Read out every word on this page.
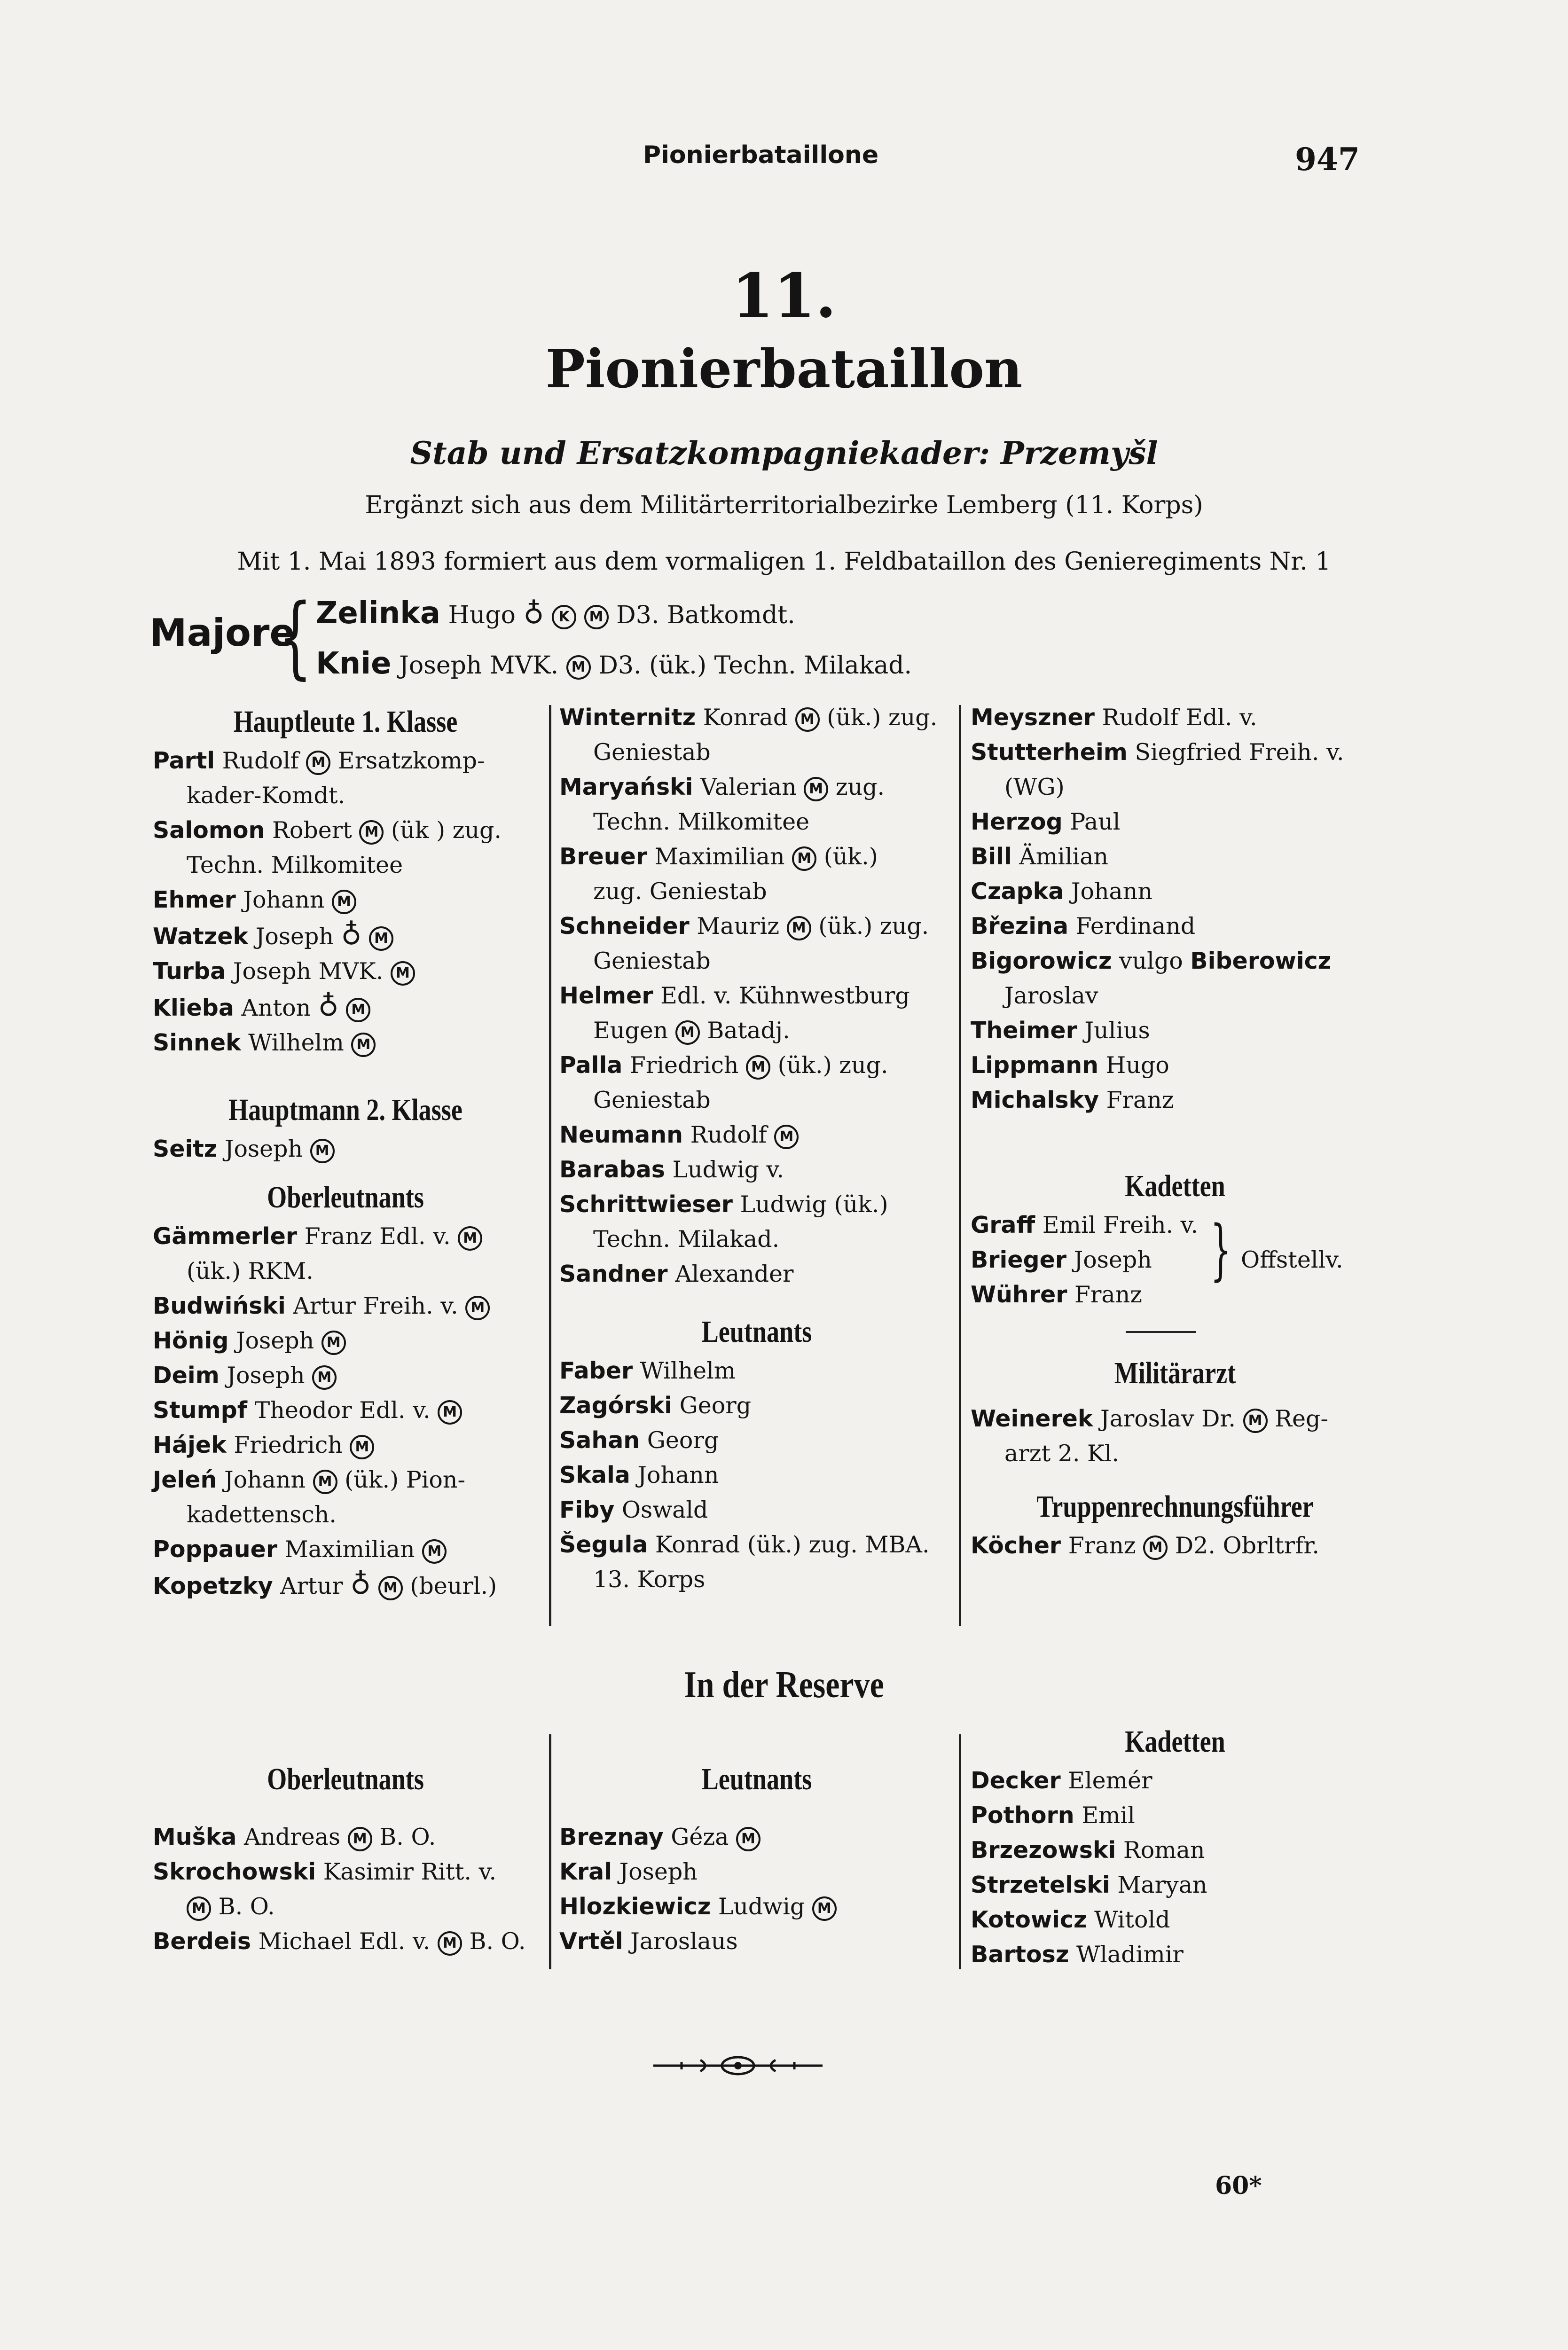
Pionierbataillone	947
11.
Pionierbataillon
Stab und Ersatzkompagniekader: Przemyšl
Ergänzt sich aus dem Militärterritorialbezirke Lemberg (11. Korps)
Mit 1. Mai 1893 formiert aus dem vormaligen 1. Feldbataillon des Genieregiments Nr. 1
Majore
{ Zelinka Hugo ♁ K M D3. Batkomdt.
Knie Joseph MVK. M D3. (ük.) Techn. Milakad.
Hauptleute 1. Klasse
Partl Rudolf M Ersatzkomp-
kader-Komdt.
Salomon Robert M (ük ) zug.
Techn. Milkomitee
Ehmer Johann M
Watzek Joseph ♁ M
Turba Joseph MVK. M
Klieba Anton ♁ M
Sinnek Wilhelm M
Hauptmann 2. Klasse
Seitz Joseph M
Oberleutnants
Gämmerler Franz Edl. v. M
(ük.) RKM.
Budwiński Artur Freih. v. M
Hönig Joseph M
Deim Joseph M
Stumpf Theodor Edl. v. M
Hájek Friedrich M
Jeleń Johann M (ük.) Pion-
kadettensch.
Poppauer Maximilian M
Kopetzky Artur ♁ M (beurl.)
Winternitz Konrad M (ük.) zug.
Geniestab
Maryański Valerian M zug.
Techn. Milkomitee
Breuer Maximilian M (ük.)
zug. Geniestab
Schneider Mauriz M (ük.) zug.
Geniestab
Helmer Edl. v. Kühnwestburg
Eugen M Batadj.
Palla Friedrich M (ük.) zug.
Geniestab
Neumann Rudolf M
Barabas Ludwig v.
Schrittwieser Ludwig (ük.)
Techn. Milakad.
Sandner Alexander
Leutnants
Faber Wilhelm
Zagórski Georg
Sahan Georg
Skala Johann
Fiby Oswald
Šegula Konrad (ük.) zug. MBA.
13. Korps
Meyszner Rudolf Edl. v.
Stutterheim Siegfried Freih. v.
(WG)
Herzog Paul
Bill Ämilian
Czapka Johann
Březina Ferdinand
Bigorowicz vulgo Biberowicz
Jaroslav
Theimer Julius
Lippmann Hugo
Michalsky Franz
Kadetten
Graff Emil Freih. v.
Brieger Joseph
Wührer Franz
} Offstellv.
Militärarzt
Weinerek Jaroslav Dr. M Reg-
arzt 2. Kl.
Truppenrechnungsführer
Köcher Franz M D2. Obrltrfr.
In der Reserve
Oberleutnants
Muška Andreas M B. O.
Skrochowski Kasimir Ritt. v.
M B. O.
Berdeis Michael Edl. v. M B. O.
Leutnants
Breznay Géza M
Kral Joseph
Hlozkiewicz Ludwig M
Vrtěl Jaroslaus
Kadetten
Decker Elemér
Pothorn Emil
Brzezowski Roman
Strzetelski Maryan
Kotowicz Witold
Bartosz Wladimir
60*
